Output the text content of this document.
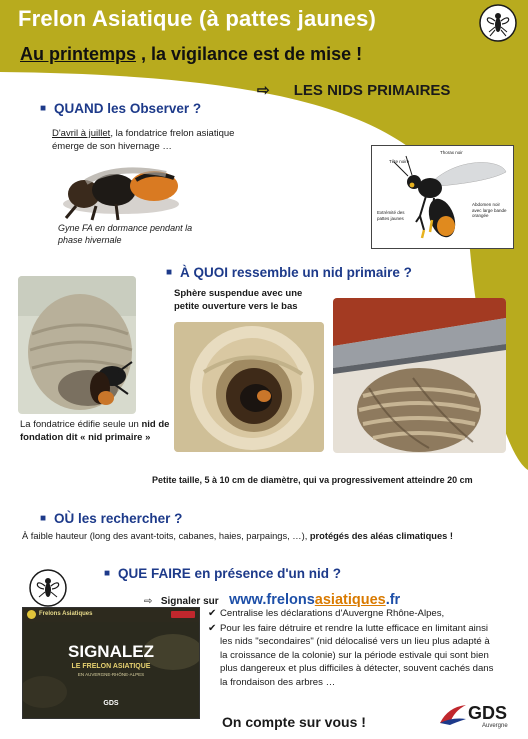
Frelon Asiatique (à pattes jaunes)
Au printemps , la vigilance est de mise !
⇨ LES NIDS PRIMAIRES
■ QUAND les Observer ?
D'avril à juillet, la fondatrice frelon asiatique émerge de son hivernage …
Gyne FA en dormance pendant la phase hivernale
Tête noire
Thorax noir
Abdomen noir avec large bande orangée
Extrémité des pattes jaunes
■ À QUOI ressemble un nid primaire ?
Sphère suspendue avec une petite ouverture vers le bas
La fondatrice édifie seule un nid de fondation dit « nid primaire »
Petite taille, 5 à 10 cm de diamètre, qui va progressivement atteindre 20 cm
■ OÙ les rechercher ?
À faible hauteur (long des avant-toits, cabanes, haies, parpaings, …), protégés des aléas climatiques !
■ QUE FAIRE en présence d'un nid ?
⇨ Signaler sur www.frelonsasiatiques.fr
Frelons Asiatiques
SIGNALEZ
LE FRELON ASIATIQUE
EN AUVERGNE-RHÔNE-ALPES
GDS
✔ Centralise les déclarations d'Auvergne Rhône-Alpes,
✔ Pour les faire détruire et rendre la lutte efficace en limitant ainsi les nids "secondaires" (nid délocalisé vers un lieu plus adapté à la croissance de la colonie) sur la période estivale qui sont bien plus dangereux et plus difficiles à détecter, souvent cachés dans la frondaison des arbres …
On compte sur vous !	GDS
Auvergne
